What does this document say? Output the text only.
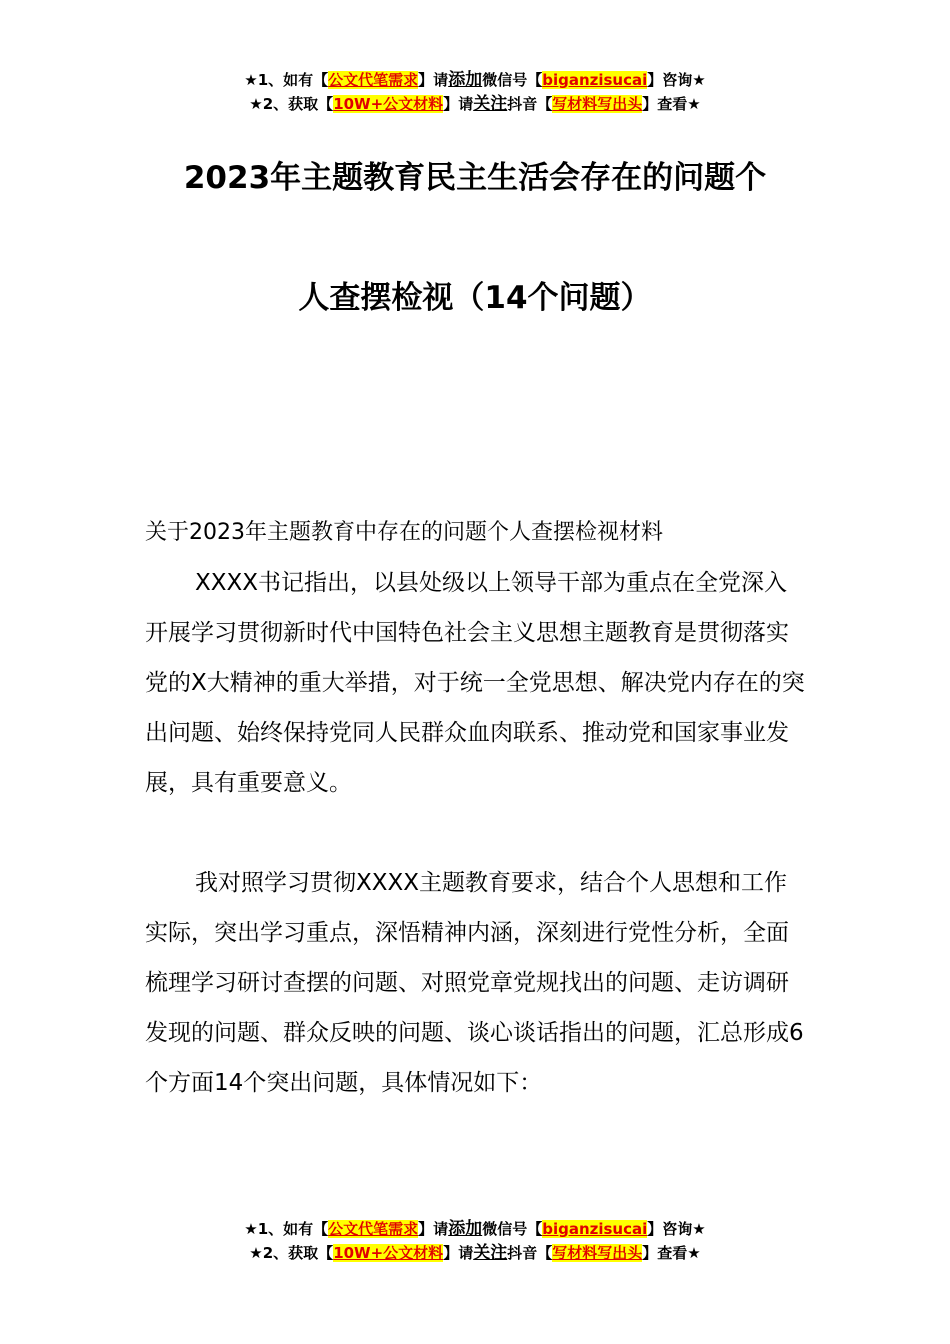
★1、如有【公文代笔需求】请添加微信号【biganzisucai】咨询★
★2、获取【10W+公文材料】请关注抖音【写材料写出头】查看★
2023年主题教育民主生活会存在的问题个
人查摆检视（14个问题）

关于2023年主题教育中存在的问题个人查摆检视材料

XXXX书记指出，以县处级以上领导干部为重点在全党深入开展学习贯彻新时代中国特色社会主义思想主题教育是贯彻落实党的X大精神的重大举措，对于统一全党思想、解决党内存在的突出问题、始终保持党同人民群众血肉联系、推动党和国家事业发展，具有重要意义。

我对照学习贯彻XXXX主题教育要求，结合个人思想和工作实际，突出学习重点，深悟精神内涵，深刻进行党性分析，全面梳理学习研讨查摆的问题、对照党章党规找出的问题、走访调研发现的问题、群众反映的问题、谈心谈话指出的问题，汇总形成6个方面14个突出问题，具体情况如下：

★1、如有【公文代笔需求】请添加微信号【biganzisucai】咨询★
★2、获取【10W+公文材料】请关注抖音【写材料写出头】查看★
